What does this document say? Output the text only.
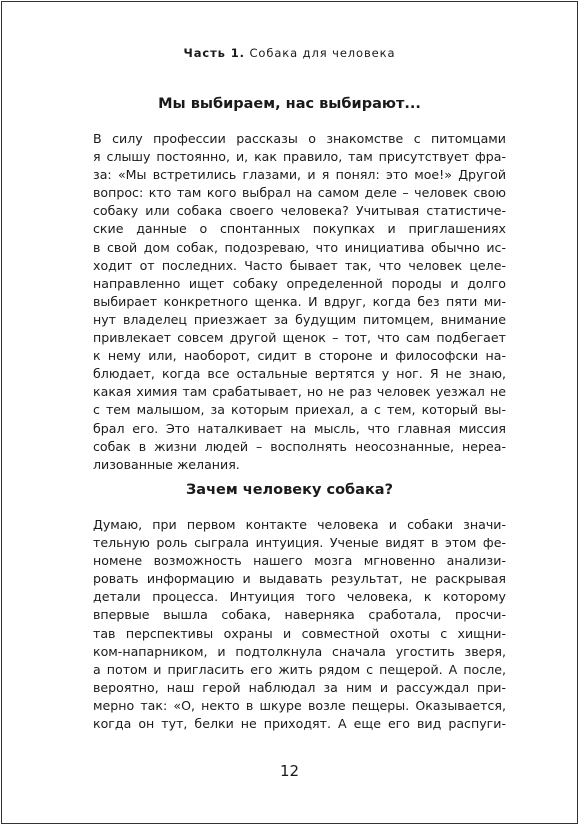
Часть 1. Собака для человека
Мы выбираем, нас выбирают...
В силу профессии рассказы о знакомстве с питомцами
я слышу постоянно, и, как правило, там присутствует фра-
за: «Мы встретились глазами, и я понял: это мое!» Другой
вопрос: кто там кого выбрал на самом деле – человек свою
собаку или собака своего человека? Учитывая статистиче-
ские данные о спонтанных покупках и приглашениях
в свой дом собак, подозреваю, что инициатива обычно ис-
ходит от последних. Часто бывает так, что человек целе-
направленно ищет собаку определенной породы и долго
выбирает конкретного щенка. И вдруг, когда без пяти ми-
нут владелец приезжает за будущим питомцем, внимание
привлекает совсем другой щенок – тот, что сам подбегает
к нему или, наоборот, сидит в стороне и философски на-
блюдает, когда все остальные вертятся у ног. Я не знаю,
какая химия там срабатывает, но не раз человек уезжал не
с тем малышом, за которым приехал, а с тем, который вы-
брал его. Это наталкивает на мысль, что главная миссия
собак в жизни людей – восполнять неосознанные, нереа-
лизованные желания.
Зачем человеку собака?
Думаю, при первом контакте человека и собаки значи-
тельную роль сыграла интуиция. Ученые видят в этом фе-
номене возможность нашего мозга мгновенно анализи-
ровать информацию и выдавать результат, не раскрывая
детали процесса. Интуиция того человека, к которому
впервые вышла собака, наверняка сработала, просчи-
тав перспективы охраны и совместной охоты с хищни-
ком-напарником, и подтолкнула сначала угостить зверя,
а потом и пригласить его жить рядом с пещерой. А после,
вероятно, наш герой наблюдал за ним и рассуждал при-
мерно так: «О, некто в шкуре возле пещеры. Оказывается,
когда он тут, белки не приходят. А еще его вид распуги-
12
